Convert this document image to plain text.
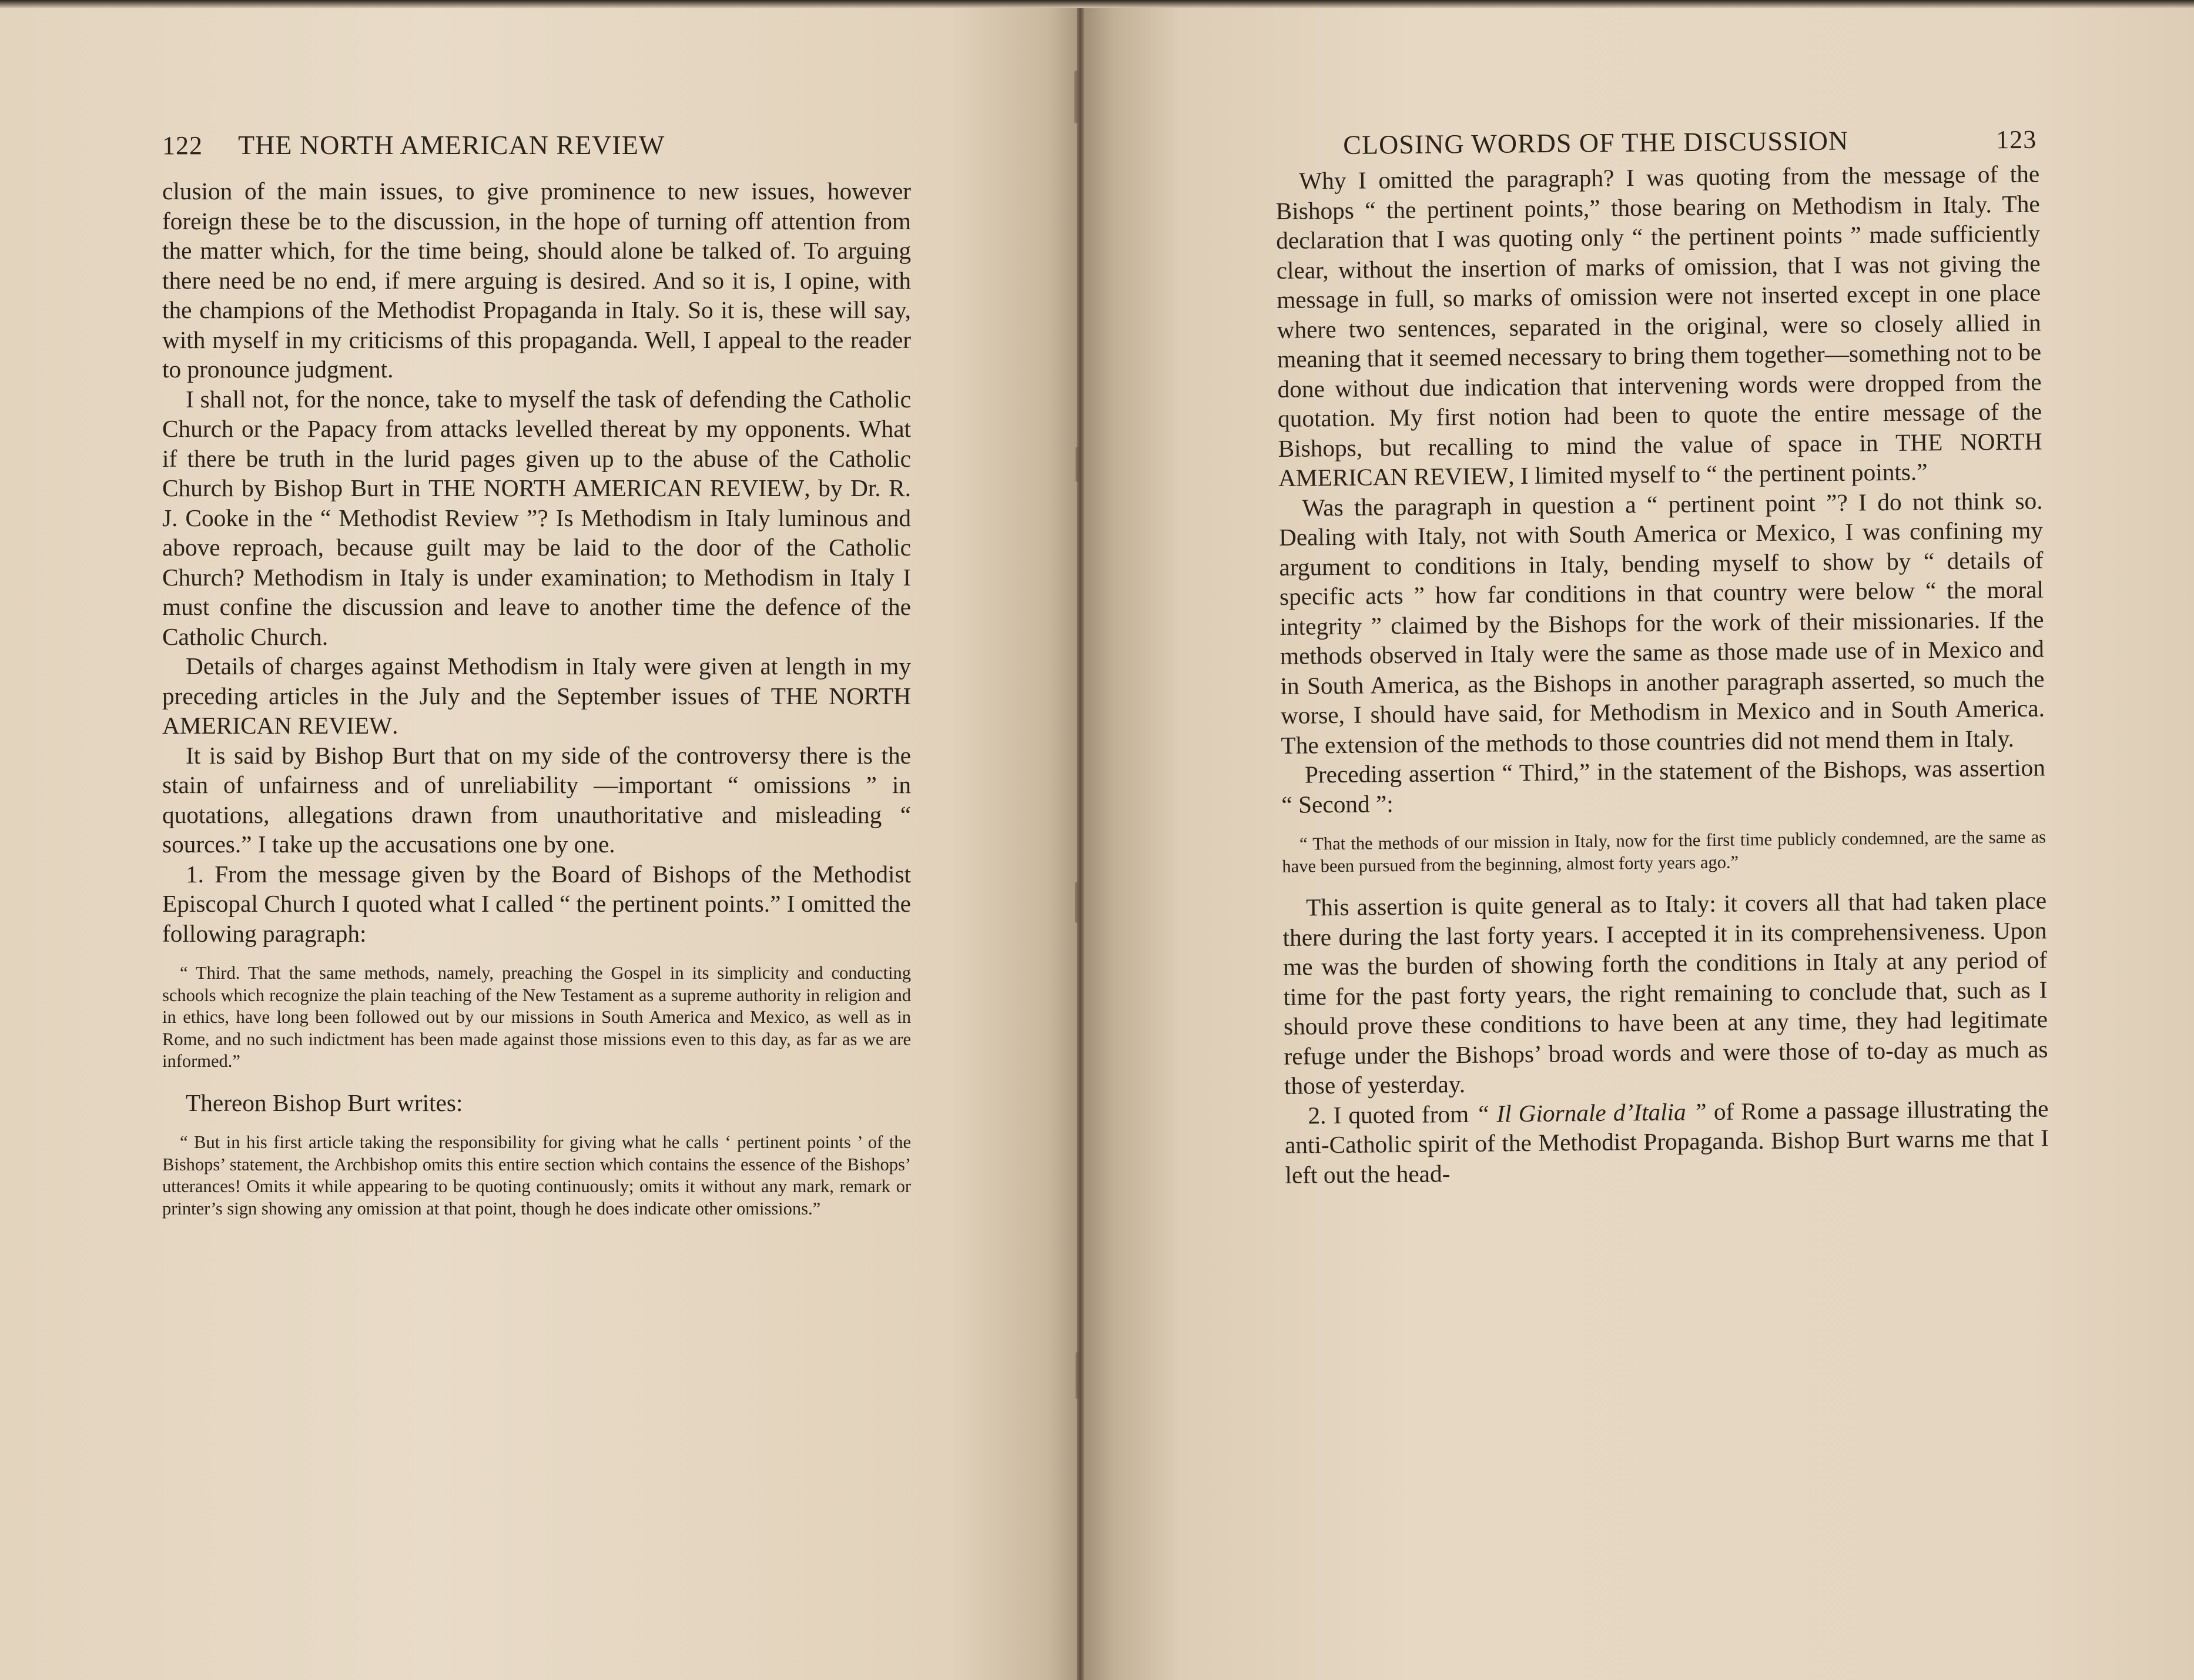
122 THE NORTH AMERICAN REVIEW

clusion of the main issues, to give prominence to new issues, however foreign these be to the discussion, in the hope of turning off attention from the matter which, for the time being, should alone be talked of. To arguing there need be no end, if mere arguing is desired. And so it is, I opine, with the champions of the Methodist Propaganda in Italy. So it is, these will say, with myself in my criticisms of this propaganda. Well, I appeal to the reader to pronounce judgment.

I shall not, for the nonce, take to myself the task of defending the Catholic Church or the Papacy from attacks levelled thereat by my opponents. What if there be truth in the lurid pages given up to the abuse of the Catholic Church by Bishop Burt in THE NORTH AMERICAN REVIEW, by Dr. R. J. Cooke in the “ Methodist Review ”? Is Methodism in Italy luminous and above reproach, because guilt may be laid to the door of the Catholic Church? Methodism in Italy is under examination; to Methodism in Italy I must confine the discussion and leave to another time the defence of the Catholic Church.

Details of charges against Methodism in Italy were given at length in my preceding articles in the July and the September issues of THE NORTH AMERICAN REVIEW.

It is said by Bishop Burt that on my side of the controversy there is the stain of unfairness and of unreliability —important “ omissions ” in quotations, allegations drawn from unauthoritative and misleading “ sources.” I take up the accusations one by one.

1. From the message given by the Board of Bishops of the Methodist Episcopal Church I quoted what I called “ the pertinent points.” I omitted the following paragraph:

“ Third. That the same methods, namely, preaching the Gospel in its simplicity and conducting schools which recognize the plain teaching of the New Testament as a supreme authority in religion and in ethics, have long been followed out by our missions in South America and Mexico, as well as in Rome, and no such indictment has been made against those missions even to this day, as far as we are informed.”

Thereon Bishop Burt writes:

“ But in his first article taking the responsibility for giving what he calls ‘ pertinent points ’ of the Bishops’ statement, the Archbishop omits this entire section which contains the essence of the Bishops’ utterances! Omits it while appearing to be quoting continuously; omits it without any mark, remark or printer’s sign showing any omission at that point, though he does indicate other omissions.”

CLOSING WORDS OF THE DISCUSSION	123

Why I omitted the paragraph? I was quoting from the message of the Bishops “ the pertinent points,” those bearing on Methodism in Italy. The declaration that I was quoting only “ the pertinent points ” made sufficiently clear, without the insertion of marks of omission, that I was not giving the message in full, so marks of omission were not inserted except in one place where two sentences, separated in the original, were so closely allied in meaning that it seemed necessary to bring them together—something not to be done without due indication that intervening words were dropped from the quotation. My first notion had been to quote the entire message of the Bishops, but recalling to mind the value of space in THE NORTH AMERICAN REVIEW, I limited myself to “ the pertinent points.”

Was the paragraph in question a “ pertinent point ”? I do not think so. Dealing with Italy, not with South America or Mexico, I was confining my argument to conditions in Italy, bending myself to show by “ details of specific acts ” how far conditions in that country were below “ the moral integrity ” claimed by the Bishops for the work of their missionaries. If the methods observed in Italy were the same as those made use of in Mexico and in South America, as the Bishops in another paragraph asserted, so much the worse, I should have said, for Methodism in Mexico and in South America. The extension of the methods to those countries did not mend them in Italy.

Preceding assertion “ Third,” in the statement of the Bishops, was assertion “ Second ”:

“ That the methods of our mission in Italy, now for the first time publicly condemned, are the same as have been pursued from the beginning, almost forty years ago.”

This assertion is quite general as to Italy: it covers all that had taken place there during the last forty years. I accepted it in its comprehensiveness. Upon me was the burden of showing forth the conditions in Italy at any period of time for the past forty years, the right remaining to conclude that, such as I should prove these conditions to have been at any time, they had legitimate refuge under the Bishops’ broad words and were those of to-day as much as those of yesterday.

2. I quoted from “ Il Giornale d’Italia ” of Rome a passage illustrating the anti-Catholic spirit of the Methodist Propaganda. Bishop Burt warns me that I left out the head-
